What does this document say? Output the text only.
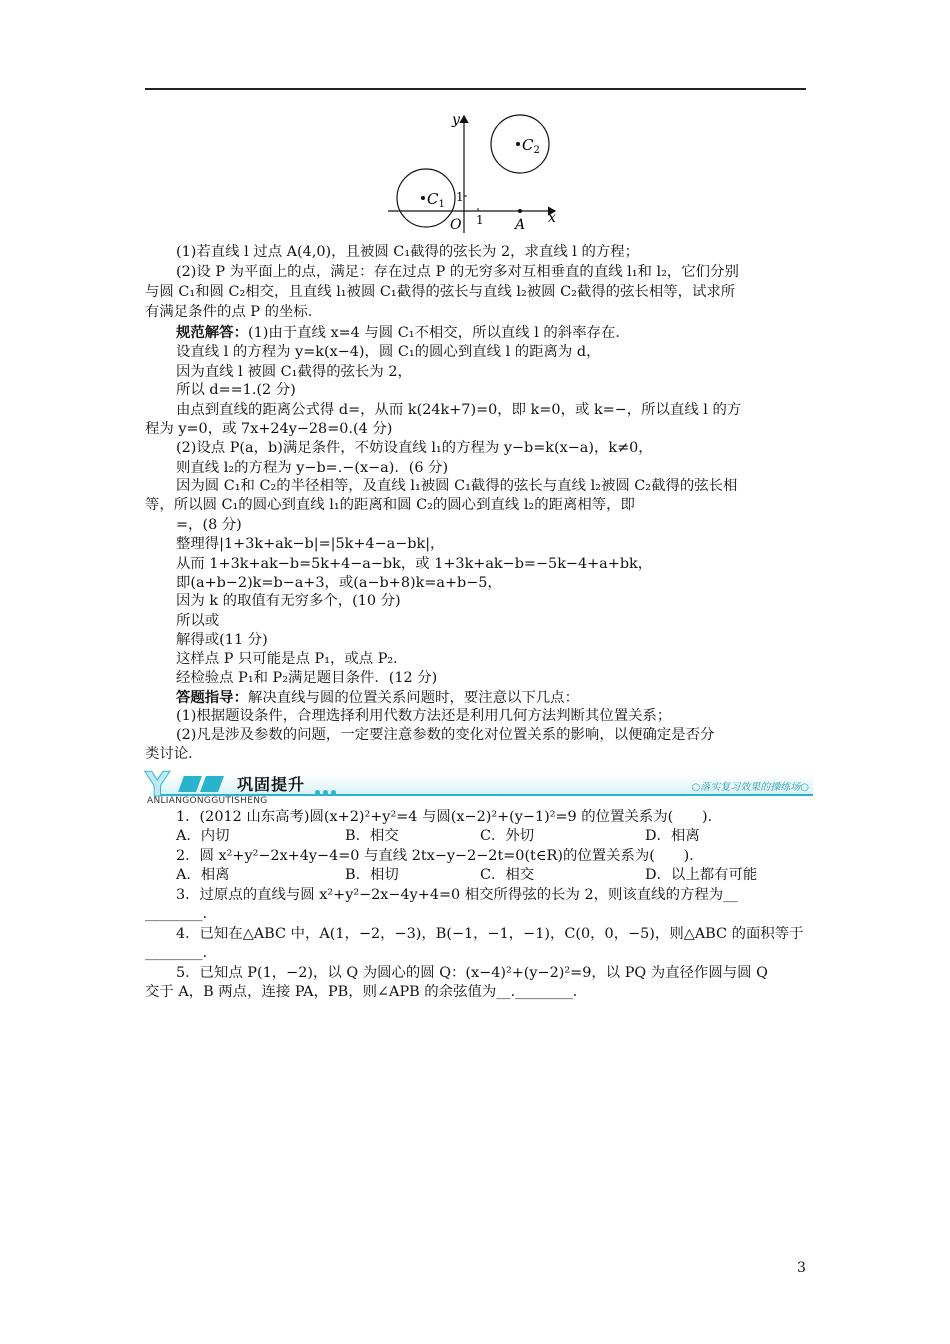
y
x
O 1
1
A
$C_1$
$C_2$
(1)若直线 l 过点 A(4,0)，且被圆 C₁截得的弦长为 2，求直线 l 的方程；
(2)设 P 为平面上的点，满足：存在过点 P 的无穷多对互相垂直的直线 l₁和 l₂，它们分别
与圆 C₁和圆 C₂相交，且直线 l₁被圆 C₁截得的弦长与直线 l₂被圆 C₂截得的弦长相等，试求所
有满足条件的点 P 的坐标．
规范解答：(1)由于直线 x=4 与圆 C₁不相交，所以直线 l 的斜率存在．
设直线 l 的方程为 y=k(x−4)，圆 C₁的圆心到直线 l 的距离为 d，
因为直线 l 被圆 C₁截得的弦长为 2，
所以 d==1.(2 分)
由点到直线的距离公式得 d=，从而 k(24k+7)=0，即 k=0，或 k=−，所以直线 l 的方
程为 y=0，或 7x+24y−28=0.(4 分)
(2)设点 P(a，b)满足条件，不妨设直线 l₁的方程为 y−b=k(x−a)，k≠0，
则直线 l₂的方程为 y−b=.−(x−a)．(6 分)
因为圆 C₁和 C₂的半径相等，及直线 l₁被圆 C₁截得的弦长与直线 l₂被圆 C₂截得的弦长相
等，所以圆 C₁的圆心到直线 l₁的距离和圆 C₂的圆心到直线 l₂的距离相等，即
=，(8 分)
整理得|1+3k+ak−b|=|5k+4−a−bk|，
从而 1+3k+ak−b=5k+4−a−bk，或 1+3k+ak−b=−5k−4+a+bk，
即(a+b−2)k=b−a+3，或(a−b+8)k=a+b−5，
因为 k 的取值有无穷多个，(10 分)
所以或
解得或(11 分)
这样点 P 只可能是点 P₁，或点 P₂．
经检验点 P₁和 P₂满足题目条件．(12 分)
答题指导：解决直线与圆的位置关系问题时，要注意以下几点：
(1)根据题设条件，合理选择利用代数方法还是利用几何方法判断其位置关系；
(2)凡是涉及参数的问题，一定要注意参数的变化对位置关系的影响，以便确定是否分
类讨论．
Y	巩固提升
ANLIANGONGGUTISHENG
○落实复习效果的操练场○
1．(2012 山东高考)圆(x+2)²+y²=4 与圆(x−2)²+(y−1)²=9 的位置关系为(　　)．
A．内切	B．相交	C．外切	D．相离
2．圆 x²+y²−2x+4y−4=0 与直线 2tx−y−2−2t=0(t∈R)的位置关系为(　　)．
A．相离	B．相切	C．相交	D．以上都有可能
3．过原点的直线与圆 x²+y²−2x−4y+4=0 相交所得弦的长为 2，则该直线的方程为__
________．
4．已知在△ABC 中，A(1，−2，−3)，B(−1，−1，−1)，C(0，0，−5)，则△ABC 的面积等于
________．
5．已知点 P(1，−2)，以 Q 为圆心的圆 Q：(x−4)²+(y−2)²=9，以 PQ 为直径作圆与圆 Q
交于 A，B 两点，连接 PA，PB，则∠APB 的余弦值为__.________．
3
